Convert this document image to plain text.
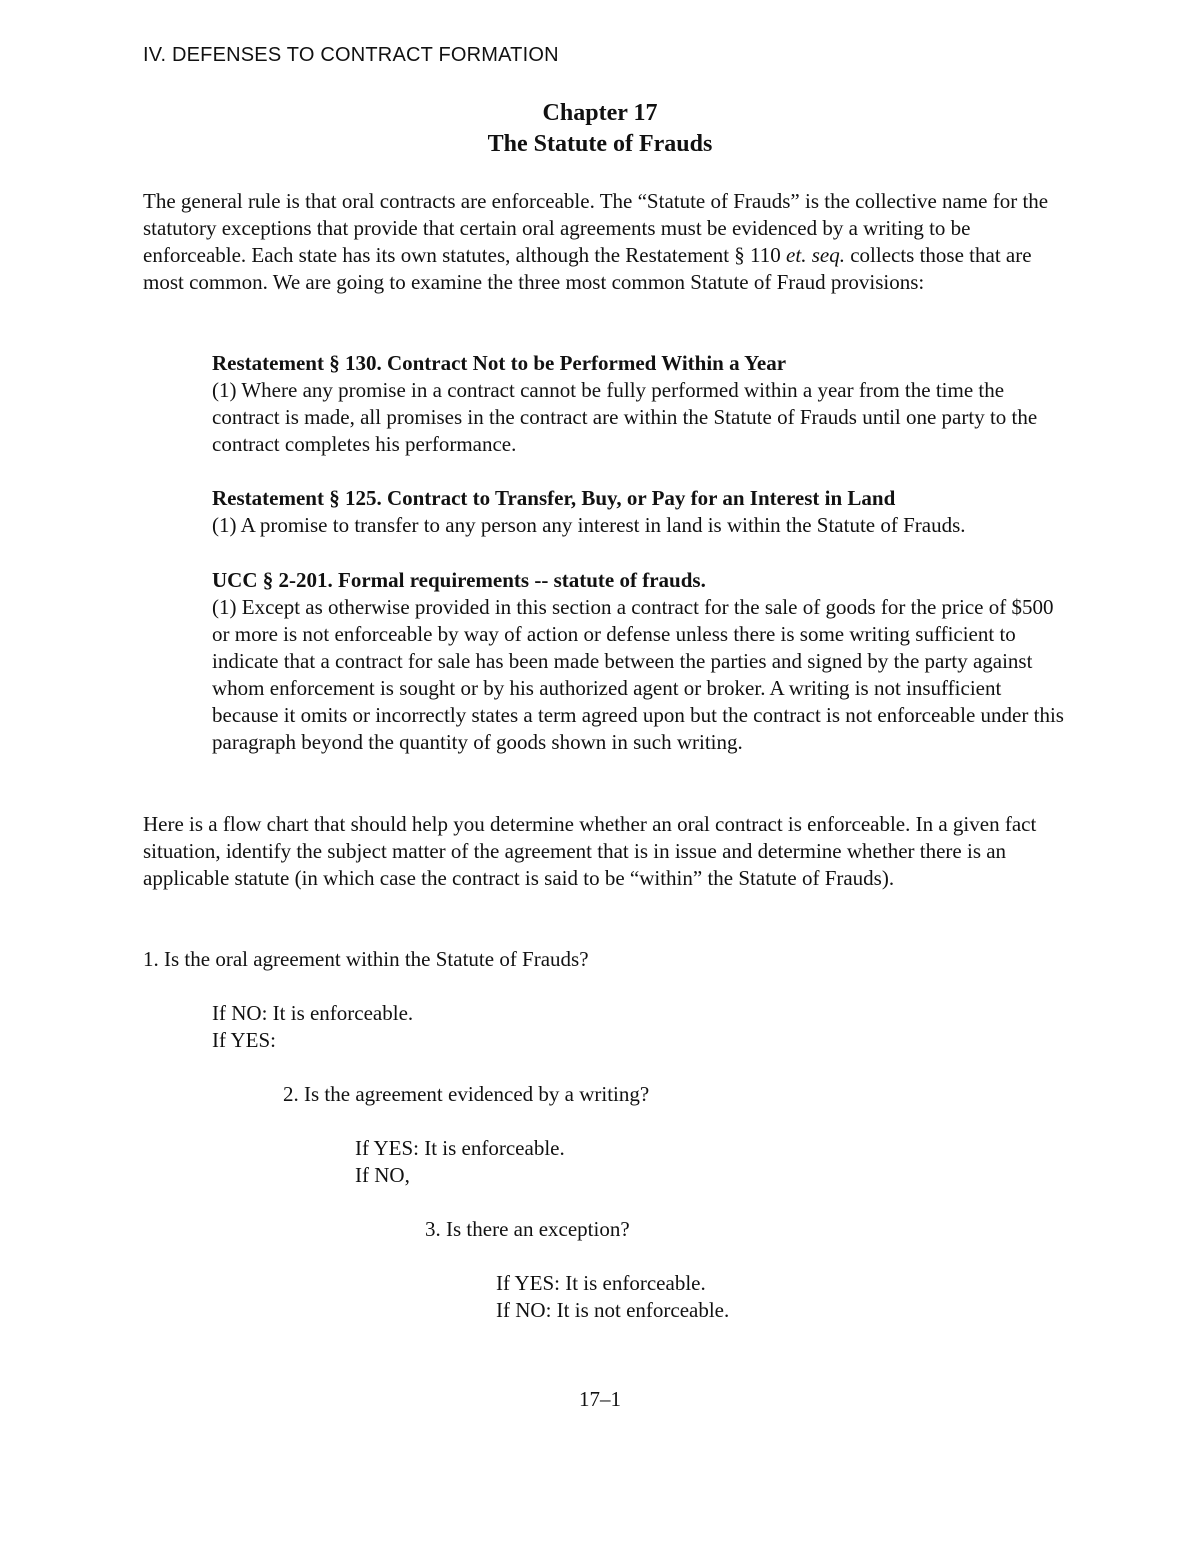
IV. DEFENSES TO CONTRACT FORMATION
Chapter 17
The Statute of Frauds

The general rule is that oral contracts are enforceable. The “Statute of Frauds” is the collective name for the statutory exceptions that provide that certain oral agreements must be evidenced by a writing to be enforceable. Each state has its own statutes, although the Restatement § 110 et. seq. collects those that are most common. We are going to examine the three most common Statute of Fraud provisions:

Restatement § 130. Contract Not to be Performed Within a Year

(1) Where any promise in a contract cannot be fully performed within a year from the time the contract is made, all promises in the contract are within the Statute of Frauds until one party to the contract completes his performance.

Restatement § 125. Contract to Transfer, Buy, or Pay for an Interest in Land

(1) A promise to transfer to any person any interest in land is within the Statute of Frauds.

UCC § 2-201. Formal requirements -- statute of frauds.

(1) Except as otherwise provided in this section a contract for the sale of goods for the price of $500 or more is not enforceable by way of action or defense unless there is some writing sufficient to indicate that a contract for sale has been made between the parties and signed by the party against whom enforcement is sought or by his authorized agent or broker. A writing is not insufficient because it omits or incorrectly states a term agreed upon but the contract is not enforceable under this paragraph beyond the quantity of goods shown in such writing.

Here is a flow chart that should help you determine whether an oral contract is enforceable. In a given fact situation, identify the subject matter of the agreement that is in issue and determine whether there is an applicable statute (in which case the contract is said to be “within” the Statute of Frauds).

1. Is the oral agreement within the Statute of Frauds?
If NO: It is enforceable.
If YES:
2. Is the agreement evidenced by a writing?
If YES: It is enforceable.
If NO,
3. Is there an exception?
If YES: It is enforceable.
If NO: It is not enforceable.
17–1
